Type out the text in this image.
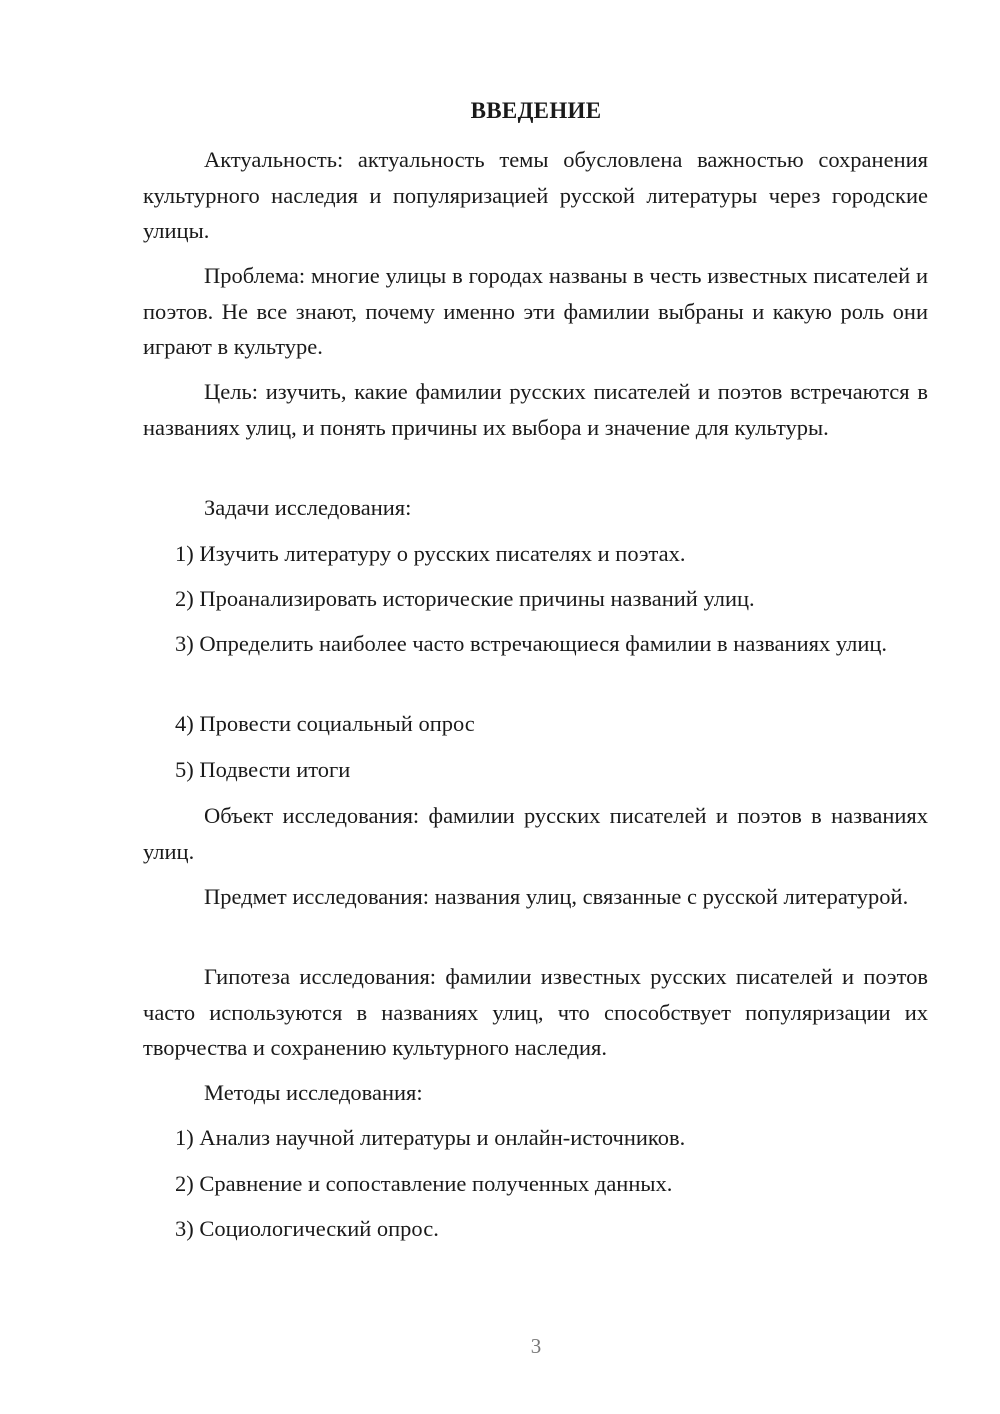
ВВЕДЕНИЕ
Актуальность: актуальность темы обусловлена важностью сохранения культурного наследия и популяризацией русской литературы через городские улицы.
Проблема: многие улицы в городах названы в честь известных писателей и поэтов. Не все знают, почему именно эти фамилии выбраны и какую роль они играют в культуре.
Цель: изучить, какие фамилии русских писателей и поэтов встречаются в названиях улиц, и понять причины их выбора и значение для культуры.
Задачи исследования:
1) Изучить литературу о русских писателях и поэтах.
2) Проанализировать исторические причины названий улиц.
3) Определить наиболее часто встречающиеся фамилии в названиях улиц.
4) Провести социальный опрос
5) Подвести итоги
Объект исследования: фамилии русских писателей и поэтов в названиях улиц.
Предмет исследования: названия улиц, связанные с русской литературой.
Гипотеза исследования: фамилии известных русских писателей и поэтов часто используются в названиях улиц, что способствует популяризации их творчества и сохранению культурного наследия.
Методы исследования:
1) Анализ научной литературы и онлайн-источников.
2) Сравнение и сопоставление полученных данных.
3) Социологический опрос.
3
